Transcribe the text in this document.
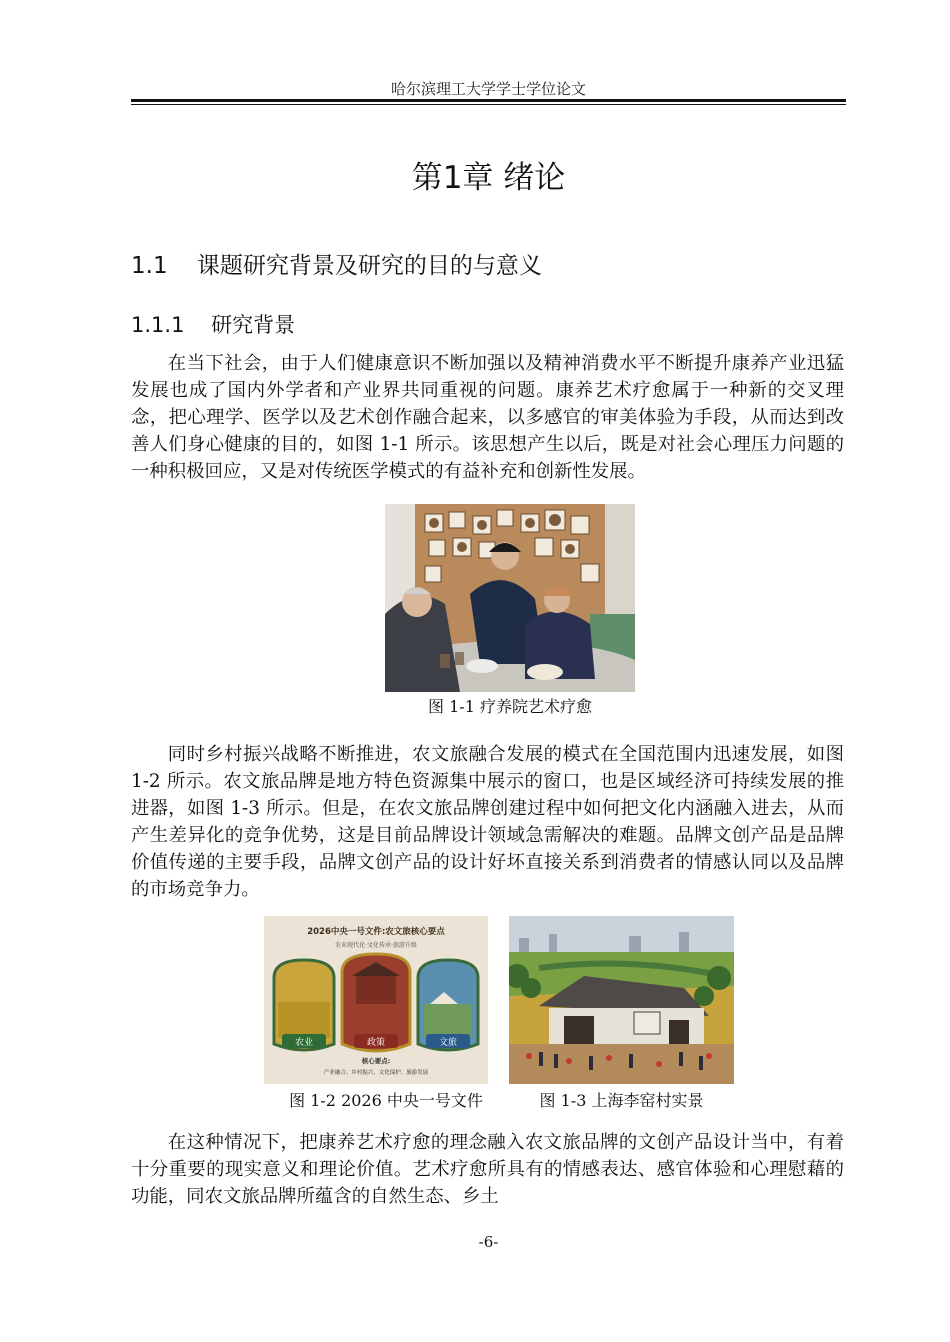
哈尔滨理工大学学士学位论文
第1章 绪论
1.1 课题研究背景及研究的目的与意义
1.1.1 研究背景

在当下社会，由于人们健康意识不断加强以及精神消费水平不断提升康养产业迅猛发展也成了国内外学者和产业界共同重视的问题。康养艺术疗愈属于一种新的交叉理念，把心理学、医学以及艺术创作融合起来，以多感官的审美体验为手段，从而达到改善人们身心健康的目的，如图 1-1 所示。该思想产生以后，既是对社会心理压力问题的一种积极回应，又是对传统医学模式的有益补充和创新性发展。

图 1-1 疗养院艺术疗愈

同时乡村振兴战略不断推进，农文旅融合发展的模式在全国范围内迅速发展，如图 1-2 所示。农文旅品牌是地方特色资源集中展示的窗口，也是区域经济可持续发展的推进器，如图 1-3 所示。但是，在农文旅品牌创建过程中如何把文化内涵融入进去，从而产生差异化的竞争优势，这是目前品牌设计领域急需解决的难题。品牌文创产品是品牌价值传递的主要手段，品牌文创产品的设计好坏直接关系到消费者的情感认同以及品牌的市场竞争力。

2026中央一号文件:农文旅核心要点
农业现代化·文化传承·旅游升级
农业	政策	文旅
核心要点:
产业融合、乡村振兴、文化保护、旅游发展
图 1-2 2026 中央一号文件	图 1-3 上海李窑村实景

在这种情况下，把康养艺术疗愈的理念融入农文旅品牌的文创产品设计当中，有着十分重要的现实意义和理论价值。艺术疗愈所具有的情感表达、感官体验和心理慰藉的功能，同农文旅品牌所蕴含的自然生态、乡土

-6-
